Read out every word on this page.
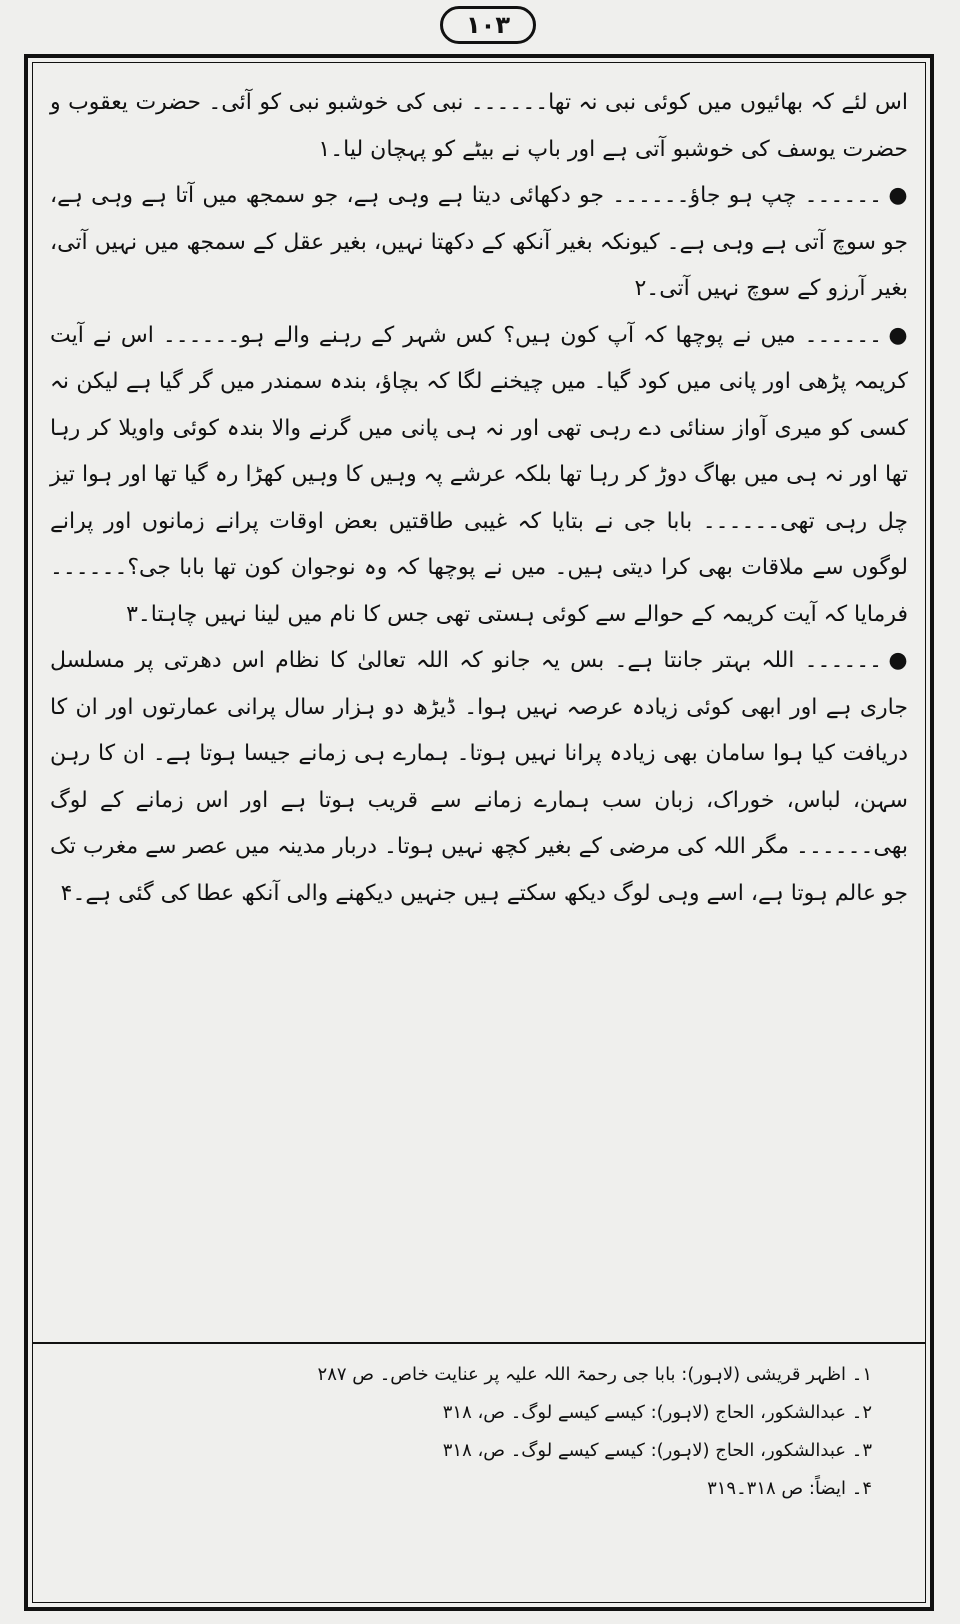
۱۰۳

اس لئے کہ بھائیوں میں کوئی نبی نہ تھا۔۔۔۔۔۔ نبی کی خوشبو نبی کو آئی۔ حضرت یعقوب و حضرت یوسف کی خوشبو آتی ہے اور باپ نے بیٹے کو پہچان لیا۔۱

●۔۔۔۔۔۔ چپ ہو جاؤ۔۔۔۔۔۔ جو دکھائی دیتا ہے وہی ہے، جو سمجھ میں آتا ہے وہی ہے، جو سوچ آتی ہے وہی ہے۔ کیونکہ بغیر آنکھ کے دکھتا نہیں، بغیر عقل کے سمجھ میں نہیں آتی، بغیر آرزو کے سوچ نہیں آتی۔۲

●۔۔۔۔۔۔ میں نے پوچھا کہ آپ کون ہیں؟ کس شہر کے رہنے والے ہو۔۔۔۔۔۔ اس نے آیت کریمہ پڑھی اور پانی میں کود گیا۔ میں چیخنے لگا کہ بچاؤ، بندہ سمندر میں گر گیا ہے لیکن نہ کسی کو میری آواز سنائی دے رہی تھی اور نہ ہی پانی میں گرنے والا بندہ کوئی واویلا کر رہا تھا اور نہ ہی میں بھاگ دوڑ کر رہا تھا بلکہ عرشے پہ وہیں کا وہیں کھڑا رہ گیا تھا اور ہوا تیز چل رہی تھی۔۔۔۔۔۔ بابا جی نے بتایا کہ غیبی طاقتیں بعض اوقات پرانے زمانوں اور پرانے لوگوں سے ملاقات بھی کرا دیتی ہیں۔ میں نے پوچھا کہ وہ نوجوان کون تھا بابا جی؟۔۔۔۔۔۔ فرمایا کہ آیت کریمہ کے حوالے سے کوئی ہستی تھی جس کا نام میں لینا نہیں چاہتا۔۳

●۔۔۔۔۔۔ اللہ بہتر جانتا ہے۔ بس یہ جانو کہ اللہ تعالیٰ کا نظام اس دھرتی پر مسلسل جاری ہے اور ابھی کوئی زیادہ عرصہ نہیں ہوا۔ ڈیڑھ دو ہزار سال پرانی عمارتوں اور ان کا دریافت کیا ہوا سامان بھی زیادہ پرانا نہیں ہوتا۔ ہمارے ہی زمانے جیسا ہوتا ہے۔ ان کا رہن سہن، لباس، خوراک، زبان سب ہمارے زمانے سے قریب ہوتا ہے اور اس زمانے کے لوگ بھی۔۔۔۔۔۔ مگر اللہ کی مرضی کے بغیر کچھ نہیں ہوتا۔ دربار مدینہ میں عصر سے مغرب تک جو عالم ہوتا ہے، اسے وہی لوگ دیکھ سکتے ہیں جنہیں دیکھنے والی آنکھ عطا کی گئی ہے۔۴

۱۔ اظہر قریشی (لاہور): بابا جی رحمۃ اللہ علیہ پر عنایت خاص۔ ص ۲۸۷

۲۔ عبدالشکور، الحاج (لاہور): کیسے کیسے لوگ۔ ص، ۳۱۸

۳۔ عبدالشکور، الحاج (لاہور): کیسے کیسے لوگ۔ ص، ۳۱۸

۴۔ ایضاً: ص ۳۱۸۔۳۱۹
